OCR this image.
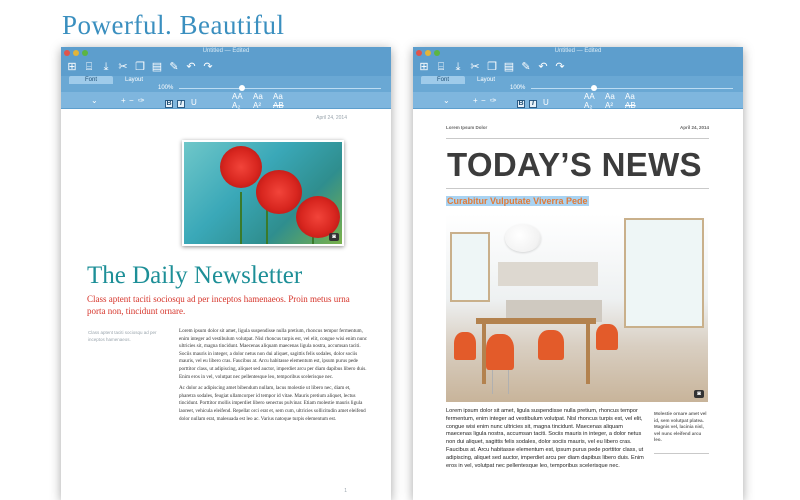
Powerful. Beautiful
Untitled — Edited
⊞ ⌸	⤓ ✂ ❐ ▤ ✎ ↶ ↷
Font	Layout
100%
⌄	+ − ✑	B	I	U
AA Aa Aa
A₂ A² AB
April 24, 2014
◙
The Daily Newsletter
Class aptent taciti sociosqu ad per inceptos hamenaeos. Proin metus urna porta non, tincidunt ornare.
Class aptent taciti sociosqu ad per inceptos hamenaeos.

Lorem ipsum dolor sit amet, ligula suspendisse nulla pretium, rhoncus tempor fermentum, enim integer ad vestibulum volutpat. Nisl rhoncus turpis est, vel elit, congue wisi enim nunc ultricies sit, magna tincidunt. Maecenas aliquam maecenas ligula nostra, accumsan taciti. Sociis mauris in integer, a dolor netus non dui aliquet, sagittis felis sodales, dolor sociis mauris, vel eu libero cras. Faucibus at. Arcu habitasse elementum est, ipsum purus pede porttitor class, ut adipiscing, aliquet sed auctor, imperdiet arcu per diam dapibus libero duis. Enim eros in vel, volutpat nec pellentesque leo, temporibus scelerisque nec.

Ac dolor ac adipiscing amet bibendum nullam, lacus molestie ut libero nec, diam et, pharetra sodales, feugiat ullamcorper id tempor id vitae. Mauris pretium aliquet, lectus tincidunt. Porttitor mollis imperdiet libero senectus pulvinar. Etiam molestie mauris ligula laoreet, vehicula eleifend. Repellat orci erat et, sem cum, ultricies sollicitudin amet eleifend dolor nullam erat, malesuada est leo ac. Varius natoque turpis elementum est.

1
Untitled — Edited
⊞ ⌸	⤓ ✂ ❐ ▤ ✎ ↶ ↷
Font	Layout
100%
⌄	+ − ✑	B	I	U
AA Aa Aa
A₂ A² AB
Lorem Ipsum Dolor	April 24, 2014
TODAY’S NEWS
Curabitur Vulputate Viverra Pede
◙
Lorem ipsum dolor sit amet, ligula suspendisse nulla pretium, rhoncus tempor fermentum, enim integer ad vestibulum volutpat. Nisl rhoncus turpis est, vel elit, congue wisi enim nunc ultricies sit, magna tincidunt. Maecenas aliquam maecenas ligula nostra, accumsan taciti. Sociis mauris in integer, a dolor netus non dui aliquet, sagittis felis sodales, dolor sociis mauris, vel eu libero cras. Faucibus at. Arcu habitasse elementum est, ipsum purus pede porttitor class, ut adipiscing, aliquet sed auctor, imperdiet arcu per diam dapibus libero duis. Enim eros in vel, volutpat nec pellentesque leo, temporibus scelerisque nec.
Molestie ornare amet vel id, sem volutpat platea. Magnis vel, lacinia nisl, vel nunc eleifend arcu leo.
